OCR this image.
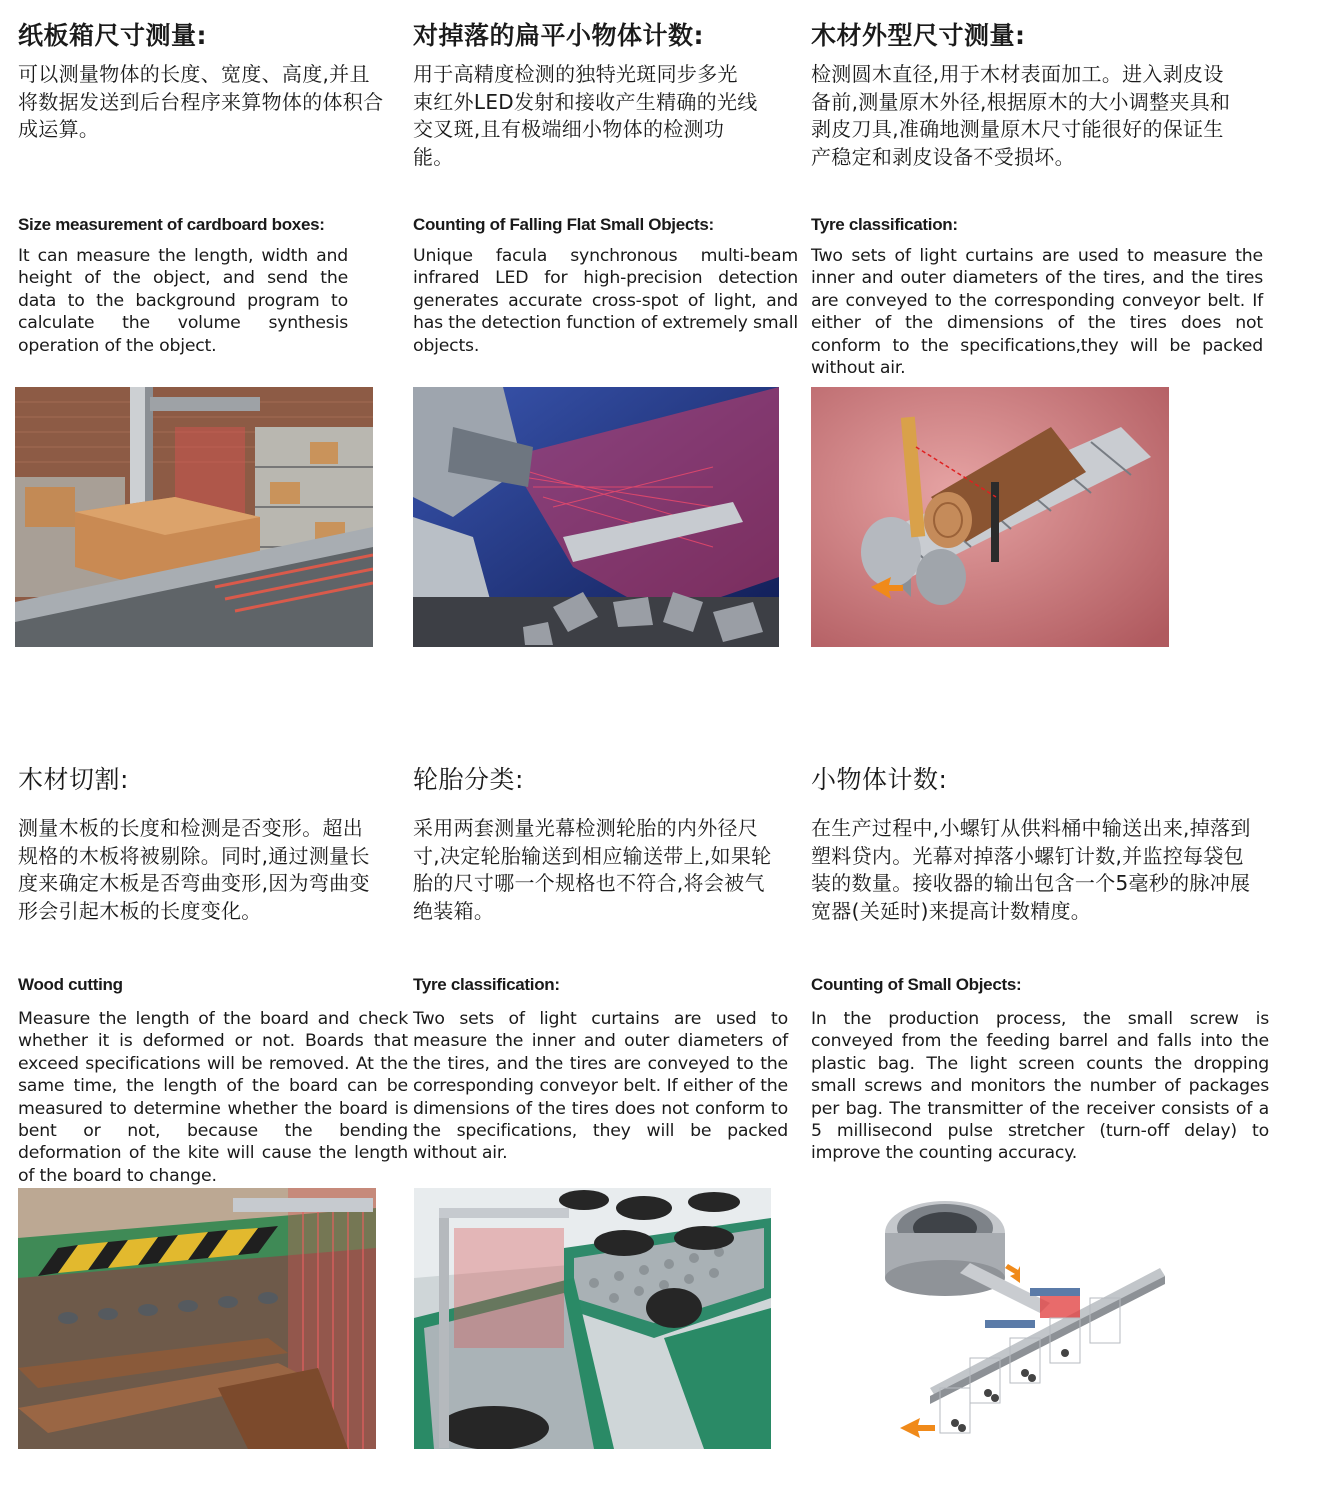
纸板箱尺寸测量:

可以测量物体的长度、宽度、高度,并且将数据发送到后台程序来算物体的体积合成运算。

Size measurement of cardboard boxes:

It can measure the length, width and height of the object, and send the data to the background program to calculate the volume synthesis operation of the object.

对掉落的扁平小物体计数:

用于高精度检测的独特光斑同步多光束红外LED发射和接收产生精确的光线交叉斑,且有极端细小物体的检测功能。

Counting of Falling Flat Small Objects:

Unique facula synchronous multi-beam infrared LED for high-precision detection generates accurate cross-spot of light, and has the detection function of extremely small objects.

木材外型尺寸测量:

检测圆木直径,用于木材表面加工。进入剥皮设备前,测量原木外径,根据原木的大小调整夹具和剥皮刀具,准确地测量原木尺寸能很好的保证生产稳定和剥皮设备不受损坏。

Tyre classification:

Two sets of light curtains are used to measure the inner and outer diameters of the tires, and the tires are conveyed to the corresponding conveyor belt. If either of the dimensions of the tires does not conform to the specifications,they will be packed without air.

木材切割:

测量木板的长度和检测是否变形。超出规格的木板将被剔除。同时,通过测量长度来确定木板是否弯曲变形,因为弯曲变形会引起木板的长度变化。

Wood cutting

Measure the length of the board and check whether it is deformed or not. Boards that exceed specifications will be removed. At the same time, the length of the board can be measured to determine whether the board is bent or not, because the bending deformation of the kite will cause the length of the board to change.

轮胎分类:

采用两套测量光幕检测轮胎的内外径尺寸,决定轮胎输送到相应输送带上,如果轮胎的尺寸哪一个规格也不符合,将会被气绝装箱。

Tyre classification:

Two sets of light curtains are used to measure the inner and outer diameters of the tires, and the tires are conveyed to the corresponding conveyor belt. If either of the dimensions of the tires does not conform to the specifications, they will be packed without air.

小物体计数:

在生产过程中,小螺钉从供料桶中输送出来,掉落到塑料贷内。光幕对掉落小螺钉计数,并监控每袋包装的数量。接收器的输出包含一个5毫秒的脉冲展宽器(关延时)来提高计数精度。

Counting of Small Objects:

In the production process, the small screw is conveyed from the feeding barrel and falls into the plastic bag. The light screen counts the dropping small screws and monitors the number of packages per bag. The transmitter of the receiver consists of a 5 millisecond pulse stretcher (turn-off delay) to improve the counting accuracy.
